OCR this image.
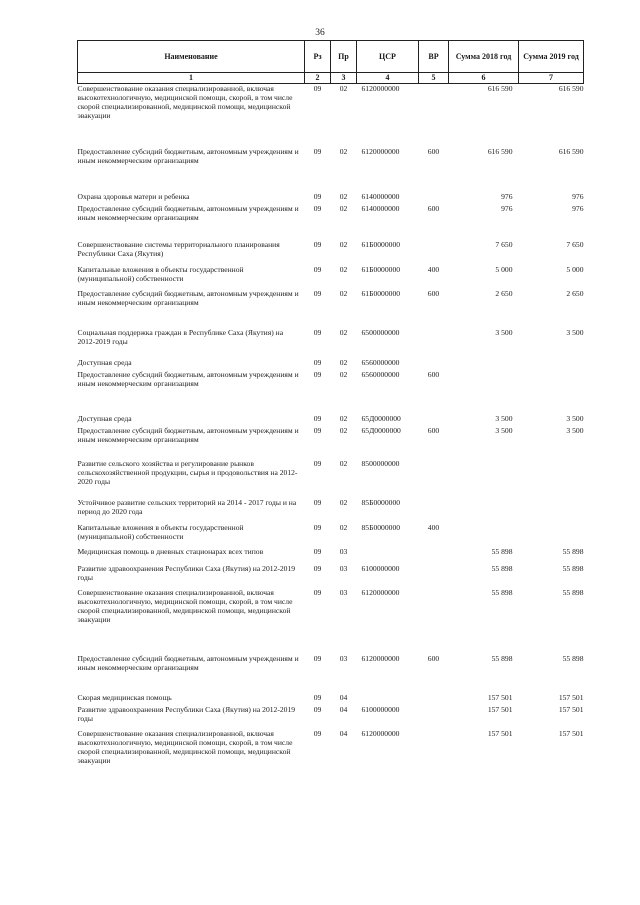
36
Наименование	Рз	Пр	ЦСР	ВР	Сумма 2018 год	Сумма 2019 год
1	2	3	4	5	6	7
Совершенствование оказания специализированной, включая высокотехнологичную, медицинской помощи, скорой, в том числе скорой специализированной, медицинской помощи, медицинской эвакуации	09	02	6120000000		616 590	616 590
Предоставление субсидий бюджетным, автономным учреждениям и иным некоммерческим организациям	09	02	6120000000	600	616 590	616 590
Охрана здоровья матери и ребенка	09	02	6140000000		976	976
Предоставление субсидий бюджетным, автономным учреждениям и иным некоммерческим организациям	09	02	6140000000	600	976	976
Совершенствование системы территориального планирования Республики Саха (Якутия)	09	02	61Б0000000		7 650	7 650
Капитальные вложения в объекты государственной (муниципальной) собственности	09	02	61Б0000000	400	5 000	5 000
Предоставление субсидий бюджетным, автономным учреждениям и иным некоммерческим организациям	09	02	61Б0000000	600	2 650	2 650
Социальная поддержка граждан в Республике Саха (Якутия) на 2012-2019 годы	09	02	6500000000		3 500	3 500
Доступная среда	09	02	6560000000			
Предоставление субсидий бюджетным, автономным учреждениям и иным некоммерческим организациям	09	02	6560000000	600		
Доступная среда	09	02	65Д0000000		3 500	3 500
Предоставление субсидий бюджетным, автономным учреждениям и иным некоммерческим организациям	09	02	65Д0000000	600	3 500	3 500
Развитие сельского хозяйства и регулирование рынков сельскохозяйственной продукции, сырья и продовольствия на 2012-2020 годы	09	02	8500000000			
Устойчивое развитие сельских территорий на 2014 - 2017 годы и на период до 2020 года	09	02	85Б0000000			
Капитальные вложения в объекты государственной (муниципальной) собственности	09	02	85Б0000000	400		
Медицинская помощь в дневных стационарах всех типов	09	03			55 898	55 898
Развитие здравоохранения Республики Саха (Якутия) на 2012-2019 годы	09	03	6100000000		55 898	55 898
Совершенствование оказания специализированной, включая высокотехнологичную, медицинской помощи, скорой, в том числе скорой специализированной, медицинской помощи, медицинской эвакуации	09	03	6120000000		55 898	55 898
Предоставление субсидий бюджетным, автономным учреждениям и иным некоммерческим организациям	09	03	6120000000	600	55 898	55 898
Скорая медицинская помощь	09	04			157 501	157 501
Развитие здравоохранения Республики Саха (Якутия) на 2012-2019 годы	09	04	6100000000		157 501	157 501
Совершенствование оказания специализированной, включая высокотехнологичную, медицинской помощи, скорой, в том числе скорой специализированной, медицинской помощи, медицинской эвакуации	09	04	6120000000		157 501	157 501
